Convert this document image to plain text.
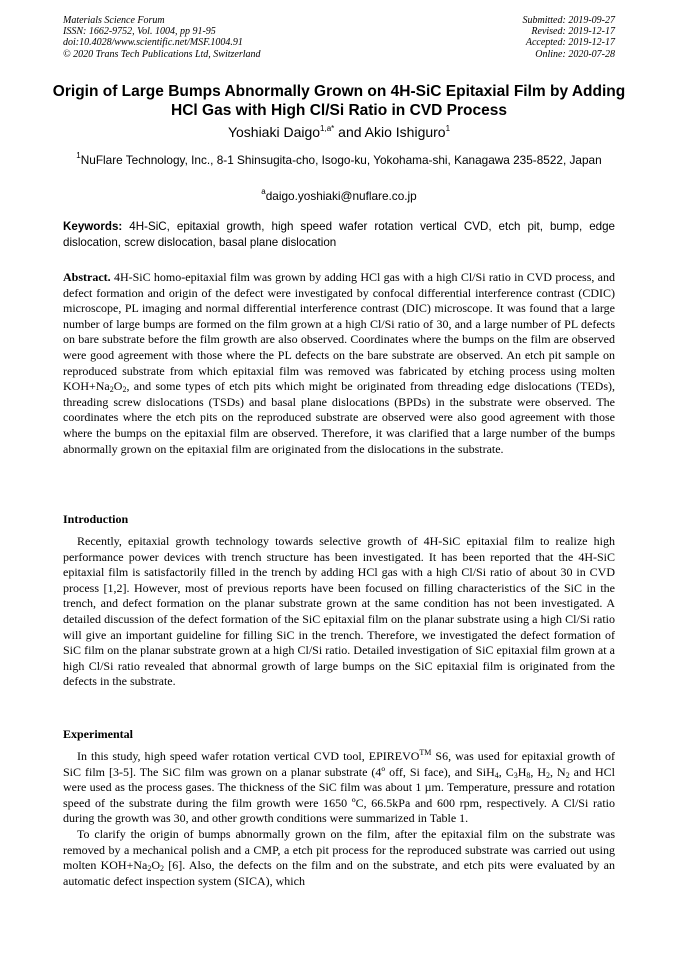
Materials Science Forum
ISSN: 1662-9752, Vol. 1004, pp 91-95
doi:10.4028/www.scientific.net/MSF.1004.91
© 2020 Trans Tech Publications Ltd, Switzerland
Submitted: 2019-09-27
Revised: 2019-12-17
Accepted: 2019-12-17
Online: 2020-07-28
Origin of Large Bumps Abnormally Grown on 4H-SiC Epitaxial Film by Adding HCl Gas with High Cl/Si Ratio in CVD Process
Yoshiaki Daigo$^{1,a*}$ and Akio Ishiguro$^1$
$^1$NuFlare Technology, Inc., 8-1 Shinsugita-cho, Isogo-ku, Yokohama-shi, Kanagawa 235-8522, Japan
$^a$daigo.yoshiaki@nuflare.co.jp
Keywords: 4H-SiC, epitaxial growth, high speed wafer rotation vertical CVD, etch pit, bump, edge dislocation, screw dislocation, basal plane dislocation

Abstract. 4H-SiC homo-epitaxial film was grown by adding HCl gas with a high Cl/Si ratio in CVD process, and defect formation and origin of the defect were investigated by confocal differential interference contrast (CDIC) microscope, PL imaging and normal differential interference contrast (DIC) microscope. It was found that a large number of large bumps are formed on the film grown at a high Cl/Si ratio of 30, and a large number of PL defects on bare substrate before the film growth are also observed. Coordinates where the bumps on the film are observed were good agreement with those where the PL defects on the bare substrate are observed. An etch pit sample on reproduced substrate from which epitaxial film was removed was fabricated by etching process using molten $KOH+Na_2O_2$, and some types of etch pits which might be originated from threading edge dislocations (TEDs), threading screw dislocations (TSDs) and basal plane dislocations (BPDs) in the substrate were observed. The coordinates where the etch pits on the reproduced substrate are observed were also good agreement with those where the bumps on the epitaxial film are observed. Therefore, it was clarified that a large number of the bumps abnormally grown on the epitaxial film are originated from the dislocations in the substrate.

Introduction

Recently, epitaxial growth technology towards selective growth of 4H-SiC epitaxial film to realize high performance power devices with trench structure has been investigated. It has been reported that the 4H-SiC epitaxial film is satisfactorily filled in the trench by adding HCl gas with a high Cl/Si ratio of about 30 in CVD process [1,2]. However, most of previous reports have been focused on filling characteristics of the SiC in the trench, and defect formation on the planar substrate grown at the same condition has not been investigated. A detailed discussion of the defect formation of the SiC epitaxial film on the planar substrate using a high Cl/Si ratio will give an important guideline for filling SiC in the trench. Therefore, we investigated the defect formation of SiC film on the planar substrate grown at a high Cl/Si ratio. Detailed investigation of SiC epitaxial film grown at a high Cl/Si ratio revealed that abnormal growth of large bumps on the SiC epitaxial film is originated from the defects in the substrate.

Experimental

In this study, high speed wafer rotation vertical CVD tool, EPIREVO™ S6, was used for epitaxial growth of SiC film [3-5]. The SiC film was grown on a planar substrate (4º off, Si face), and SiH$_4$, $C_3H_8$, $H_2$, $N_2$ and HCl were used as the process gases. The thickness of the SiC film was about 1 µm. Temperature, pressure and rotation speed of the substrate during the film growth were 1650 ºC, 66.5kPa and 600 rpm, respectively. A Cl/Si ratio during the growth was 30, and other growth conditions were summarized in Table 1.

To clarify the origin of bumps abnormally grown on the film, after the epitaxial film on the substrate was removed by a mechanical polish and a CMP, a etch pit process for the reproduced substrate was carried out using molten $KOH+Na_2O_2$ [6]. Also, the defects on the film and on the substrate, and etch pits were evaluated by an automatic defect inspection system (SICA), which
